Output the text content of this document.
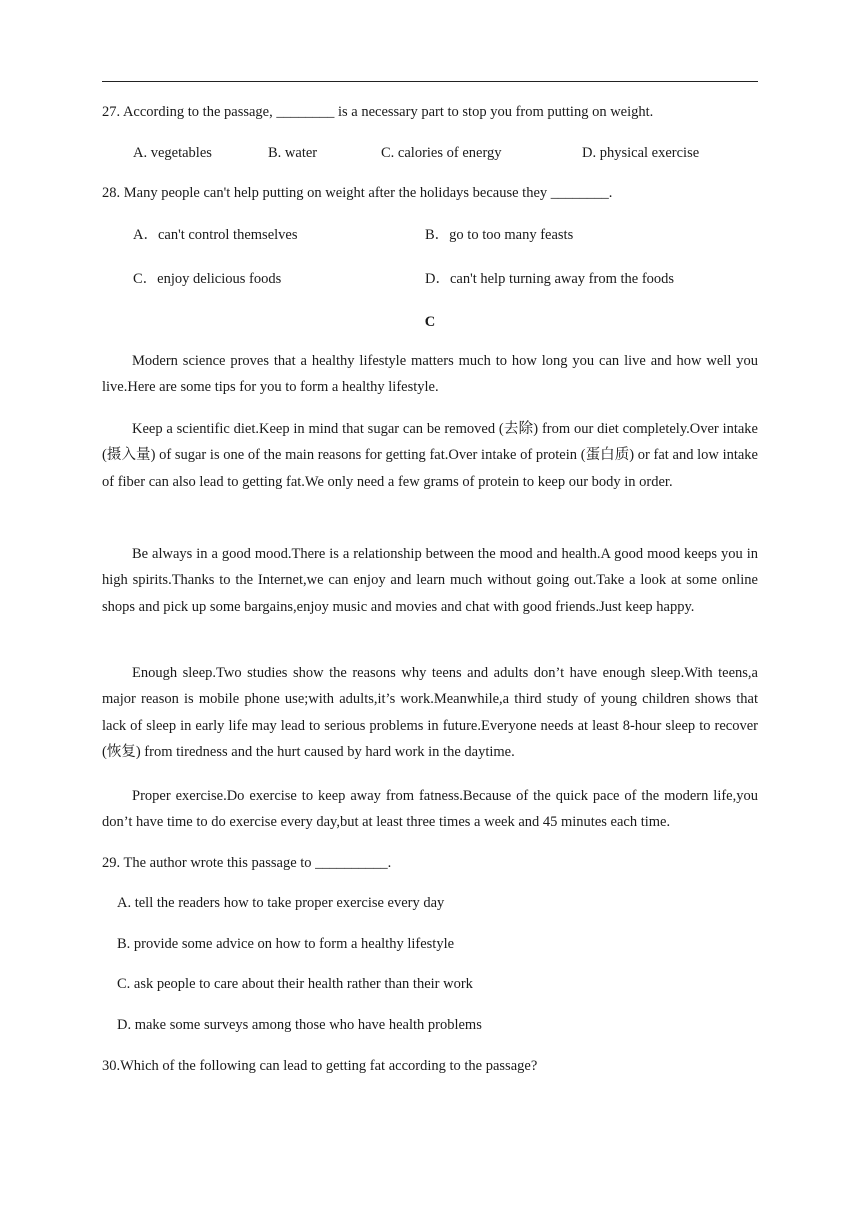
27. According to the passage, ________ is a necessary part to stop you from putting on weight.
A. vegetables	B. water	C. calories of energy	D. physical exercise
28. Many people can't help putting on weight after the holidays because they ________.
A．can't control themselves	B．go to too many feasts
C．enjoy delicious foods	D．can't help turning away from the foods
C
Modern science proves that a healthy lifestyle matters much to how long you can live and how well you live.Here are some tips for you to form a healthy lifestyle.
Keep a scientific diet.Keep in mind that sugar can be removed (去除) from our diet completely.Over intake (摄入量) of sugar is one of the main reasons for getting fat.Over intake of protein (蛋白质) or fat and low intake of fiber can also lead to getting fat.We only need a few grams of protein to keep our body in order.
Be always in a good mood.There is a relationship between the mood and health.A good mood keeps you in high spirits.Thanks to the Internet,we can enjoy and learn much without going out.Take a look at some online shops and pick up some bargains,enjoy music and movies and chat with good friends.Just keep happy.
Enough sleep.Two studies show the reasons why teens and adults don’t have enough sleep.With teens,a major reason is mobile phone use;with adults,it’s work.Meanwhile,a third study of young children shows that lack of sleep in early life may lead to serious problems in future.Everyone needs at least 8-hour sleep to recover (恢复) from tiredness and the hurt caused by hard work in the daytime.
Proper exercise.Do exercise to keep away from fatness.Because of the quick pace of the modern life,you don’t have time to do exercise every day,but at least three times a week and 45 minutes each time.
29. The author wrote this passage to __________.
A. tell the readers how to take proper exercise every day
B. provide some advice on how to form a healthy lifestyle
C. ask people to care about their health rather than their work
D. make some surveys among those who have health problems
30.Which of the following can lead to getting fat according to the passage?
